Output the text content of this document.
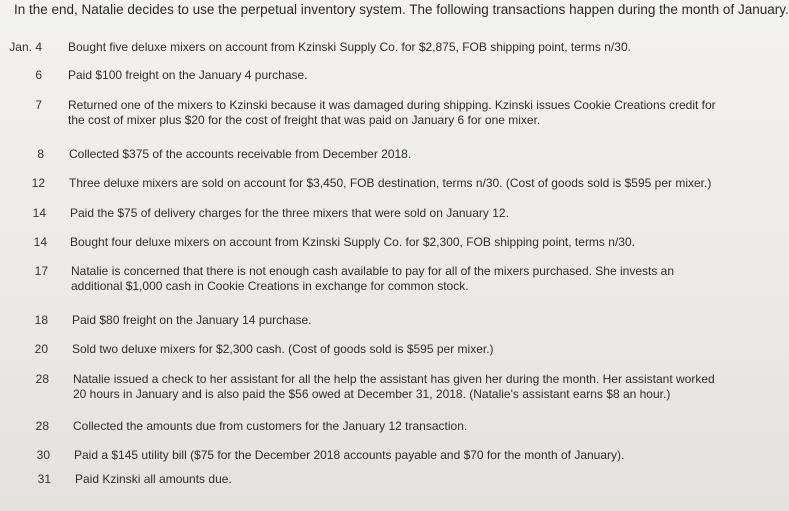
In the end, Natalie decides to use the perpetual inventory system. The following transactions happen during the month of January.
Jan. 4 Bought five deluxe mixers on account from Kzinski Supply Co. for $2,875, FOB shipping point, terms n/30.
6 Paid $100 freight on the January 4 purchase.
7 Returned one of the mixers to Kzinski because it was damaged during shipping. Kzinski issues Cookie Creations credit for
the cost of mixer plus $20 for the cost of freight that was paid on January 6 for one mixer.
8 Collected $375 of the accounts receivable from December 2018.
12 Three deluxe mixers are sold on account for $3,450, FOB destination, terms n/30. (Cost of goods sold is $595 per mixer.)
14 Paid the $75 of delivery charges for the three mixers that were sold on January 12.
14 Bought four deluxe mixers on account from Kzinski Supply Co. for $2,300, FOB shipping point, terms n/30.
17 Natalie is concerned that there is not enough cash available to pay for all of the mixers purchased. She invests an
additional $1,000 cash in Cookie Creations in exchange for common stock.
18 Paid $80 freight on the January 14 purchase.
20 Sold two deluxe mixers for $2,300 cash. (Cost of goods sold is $595 per mixer.)
28 Natalie issued a check to her assistant for all the help the assistant has given her during the month. Her assistant worked
20 hours in January and is also paid the $56 owed at December 31, 2018. (Natalie's assistant earns $8 an hour.)
28 Collected the amounts due from customers for the January 12 transaction.
30 Paid a $145 utility bill ($75 for the December 2018 accounts payable and $70 for the month of January).
31 Paid Kzinski all amounts due.
